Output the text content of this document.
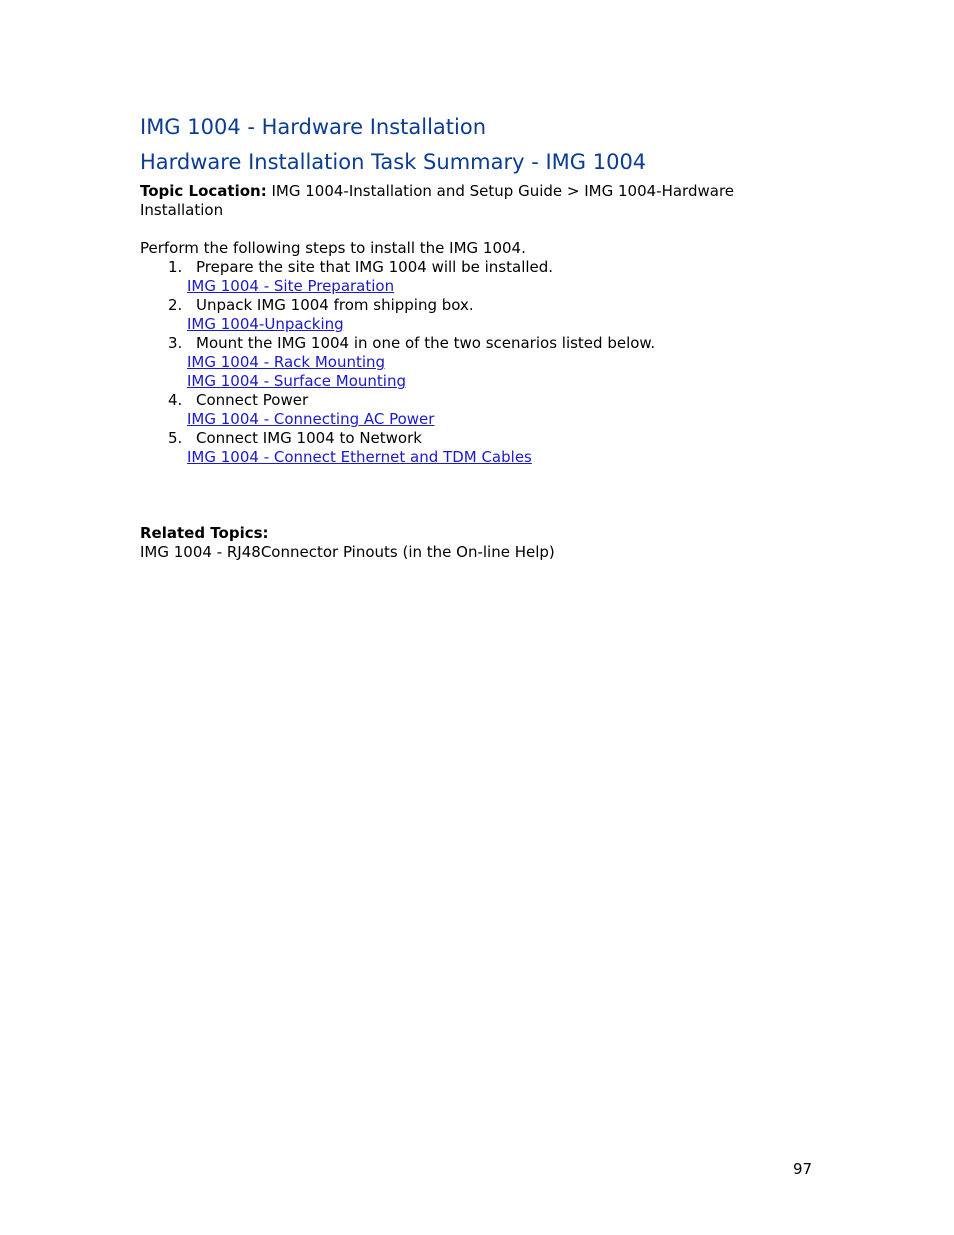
IMG 1004 - Hardware Installation
Hardware Installation Task Summary - IMG 1004
Topic Location: IMG 1004-Installation and Setup Guide > IMG 1004-Hardware
Installation
Perform the following steps to install the IMG 1004.
1. Prepare the site that IMG 1004 will be installed.
IMG 1004 - Site Preparation
2. Unpack IMG 1004 from shipping box.
IMG 1004-Unpacking
3. Mount the IMG 1004 in one of the two scenarios listed below.
IMG 1004 - Rack Mounting
IMG 1004 - Surface Mounting
4. Connect Power
IMG 1004 - Connecting AC Power
5. Connect IMG 1004 to Network
IMG 1004 - Connect Ethernet and TDM Cables
Related Topics:
IMG 1004 - RJ48Connector Pinouts (in the On-line Help)
97
